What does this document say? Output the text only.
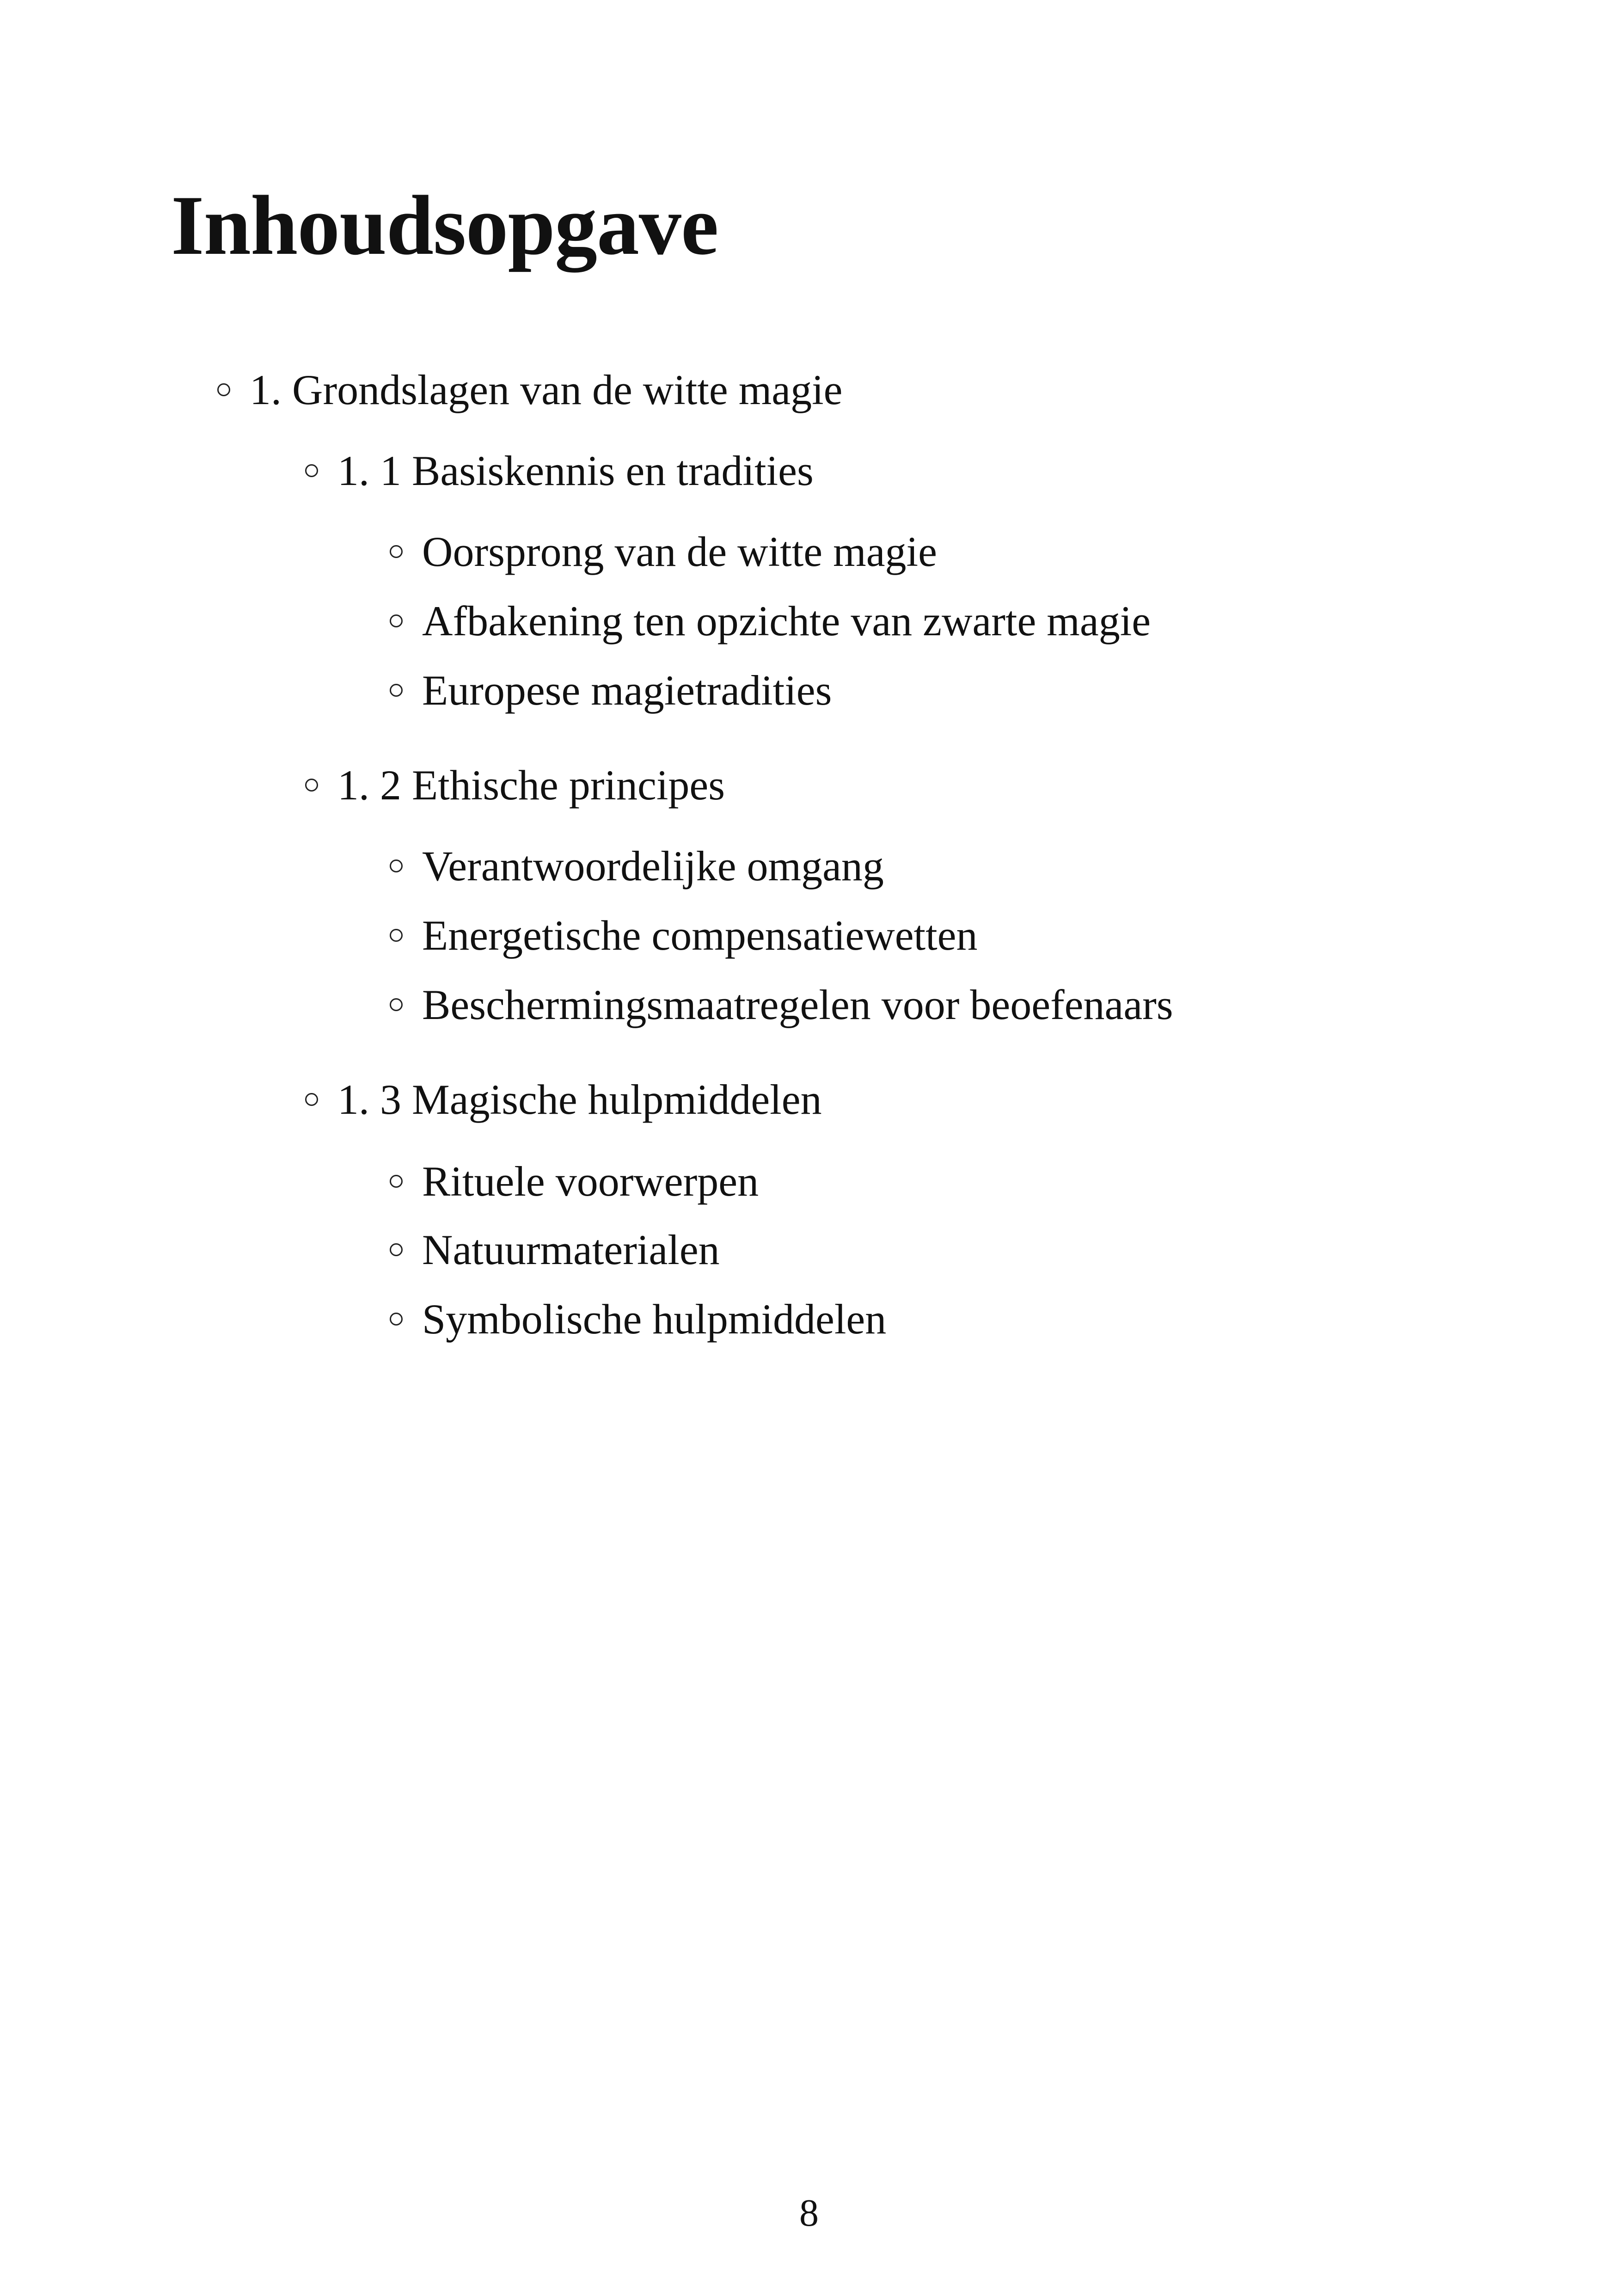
Inhoudsopgave
1. Grondslagen van de witte magie
1. 1 Basiskennis en tradities
Oorsprong van de witte magie
Afbakening ten opzichte van zwarte magie
Europese magietradities
1. 2 Ethische principes
Verantwoordelijke omgang
Energetische compensatiewetten
Beschermingsmaatregelen voor beoefenaars
1. 3 Magische hulpmiddelen
Rituele voorwerpen
Natuurmaterialen
Symbolische hulpmiddelen
8
